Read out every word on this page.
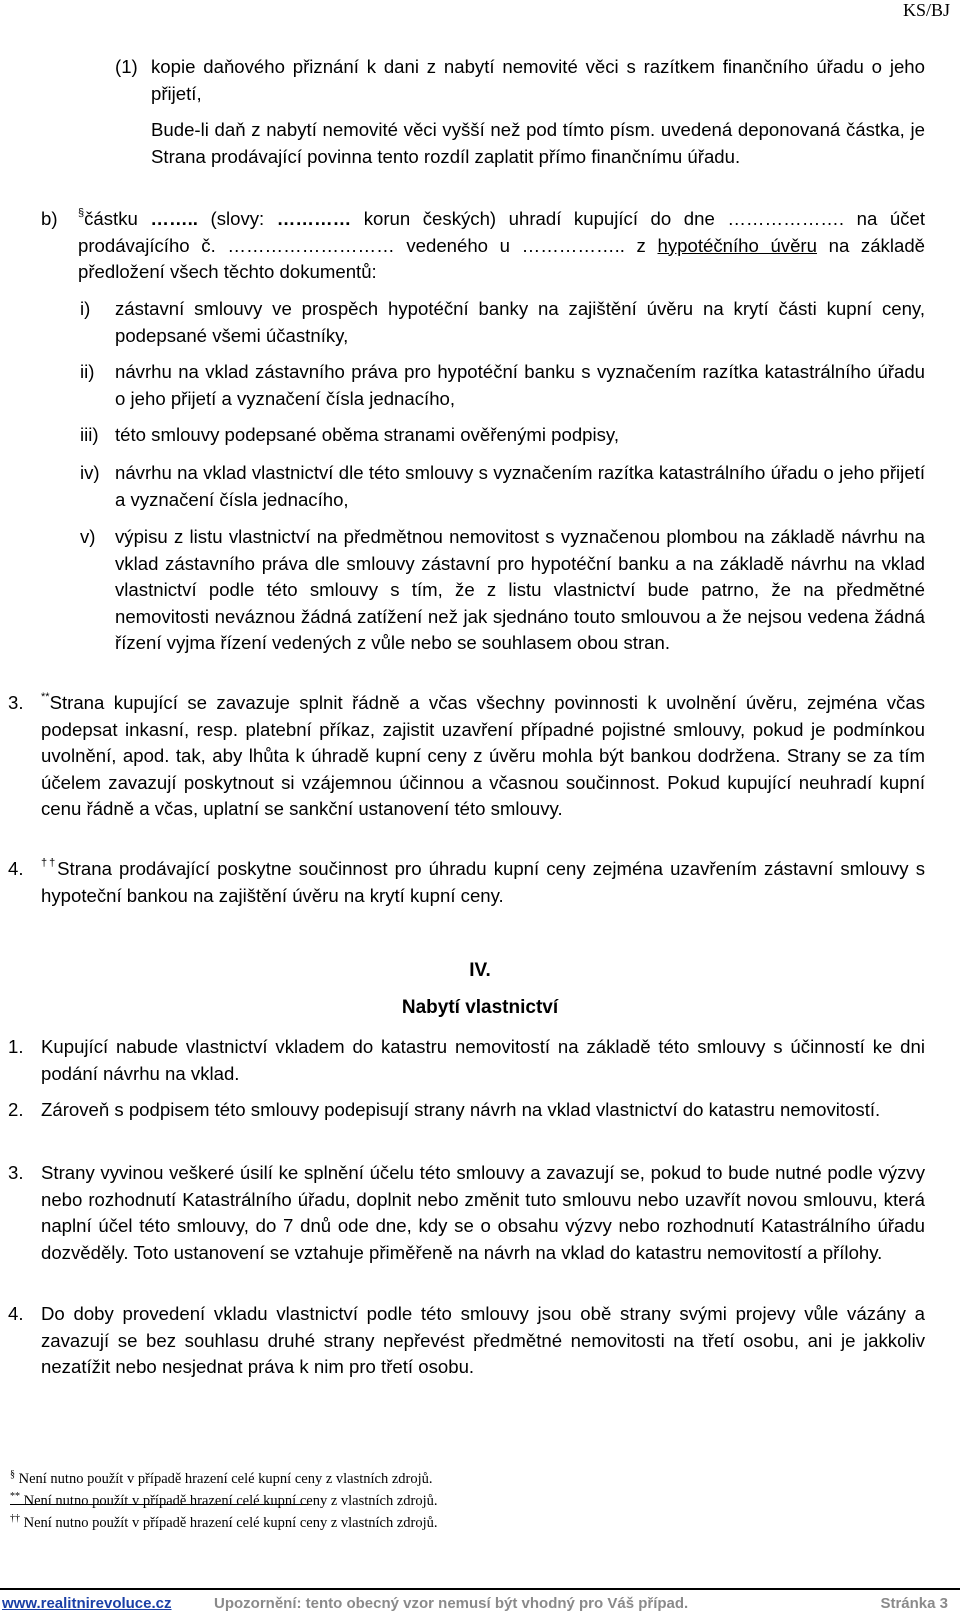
KS/BJ
(1) kopie daňového přiznání k dani z nabytí nemovité věci s razítkem finančního úřadu o jeho přijetí,
Bude-li daň z nabytí nemovité věci vyšší než pod tímto písm. uvedená deponovaná částka, je Strana prodávající povinna tento rozdíl zaplatit přímo finančnímu úřadu.
b) §částku …….. (slovy: ………… korun českých) uhradí kupující do dne ………………. na účet prodávajícího č. ……………………… vedeného u …………….. z hypotéčního úvěru na základě předložení všech těchto dokumentů:
i) zástavní smlouvy ve prospěch hypotéční banky na zajištění úvěru na krytí části kupní ceny, podepsané všemi účastníky,
ii) návrhu na vklad zástavního práva pro hypotéční banku s vyznačením razítka katastrálního úřadu o jeho přijetí a vyznačení čísla jednacího,
iii) této smlouvy podepsané oběma stranami ověřenými podpisy,
iv) návrhu na vklad vlastnictví dle této smlouvy s vyznačením razítka katastrálního úřadu o jeho přijetí a vyznačení čísla jednacího,
v) výpisu z listu vlastnictví na předmětnou nemovitost s vyznačenou plombou na základě návrhu na vklad zástavního práva dle smlouvy zástavní pro hypotéční banku a na základě návrhu na vklad vlastnictví podle této smlouvy s tím, že z listu vlastnictví bude patrno, že na předmětné nemovitosti neváznou žádná zatížení než jak sjednáno touto smlouvou a že nejsou vedena žádná řízení vyjma řízení vedených z vůle nebo se souhlasem obou stran.
3. **Strana kupující se zavazuje splnit řádně a včas všechny povinnosti k uvolnění úvěru, zejména včas podepsat inkasní, resp. platební příkaz, zajistit uzavření případné pojistné smlouvy, pokud je podmínkou uvolnění, apod. tak, aby lhůta k úhradě kupní ceny z úvěru mohla být bankou dodržena. Strany se za tím účelem zavazují poskytnout si vzájemnou účinnou a včasnou součinnost. Pokud kupující neuhradí kupní cenu řádně a včas, uplatní se sankční ustanovení této smlouvy.
4. ††Strana prodávající poskytne součinnost pro úhradu kupní ceny zejména uzavřením zástavní smlouvy s hypoteční bankou na zajištění úvěru na krytí kupní ceny.
IV.
Nabytí vlastnictví
1. Kupující nabude vlastnictví vkladem do katastru nemovitostí na základě této smlouvy s účinností ke dni podání návrhu na vklad.
2. Zároveň s podpisem této smlouvy podepisují strany návrh na vklad vlastnictví do katastru nemovitostí.
3. Strany vyvinou veškeré úsilí ke splnění účelu této smlouvy a zavazují se, pokud to bude nutné podle výzvy nebo rozhodnutí Katastrálního úřadu, doplnit nebo změnit tuto smlouvu nebo uzavřít novou smlouvu, která naplní účel této smlouvy, do 7 dnů ode dne, kdy se o obsahu výzvy nebo rozhodnutí Katastrálního úřadu dozvěděly. Toto ustanovení se vztahuje přiměřeně na návrh na vklad do katastru nemovitostí a přílohy.
4. Do doby provedení vkladu vlastnictví podle této smlouvy jsou obě strany svými projevy vůle vázány a zavazují se bez souhlasu druhé strany nepřevést předmětné nemovitosti na třetí osobu, ani je jakkoliv nezatížit nebo nesjednat práva k nim pro třetí osobu.
§ Není nutno použít v případě hrazení celé kupní ceny z vlastních zdrojů.
** Není nutno použít v případě hrazení celé kupní ceny z vlastních zdrojů.
†† Není nutno použít v případě hrazení celé kupní ceny z vlastních zdrojů.
www.realitnirevoluce.cz	Upozornění: tento obecný vzor nemusí být vhodný pro Váš případ.	Stránka 3
